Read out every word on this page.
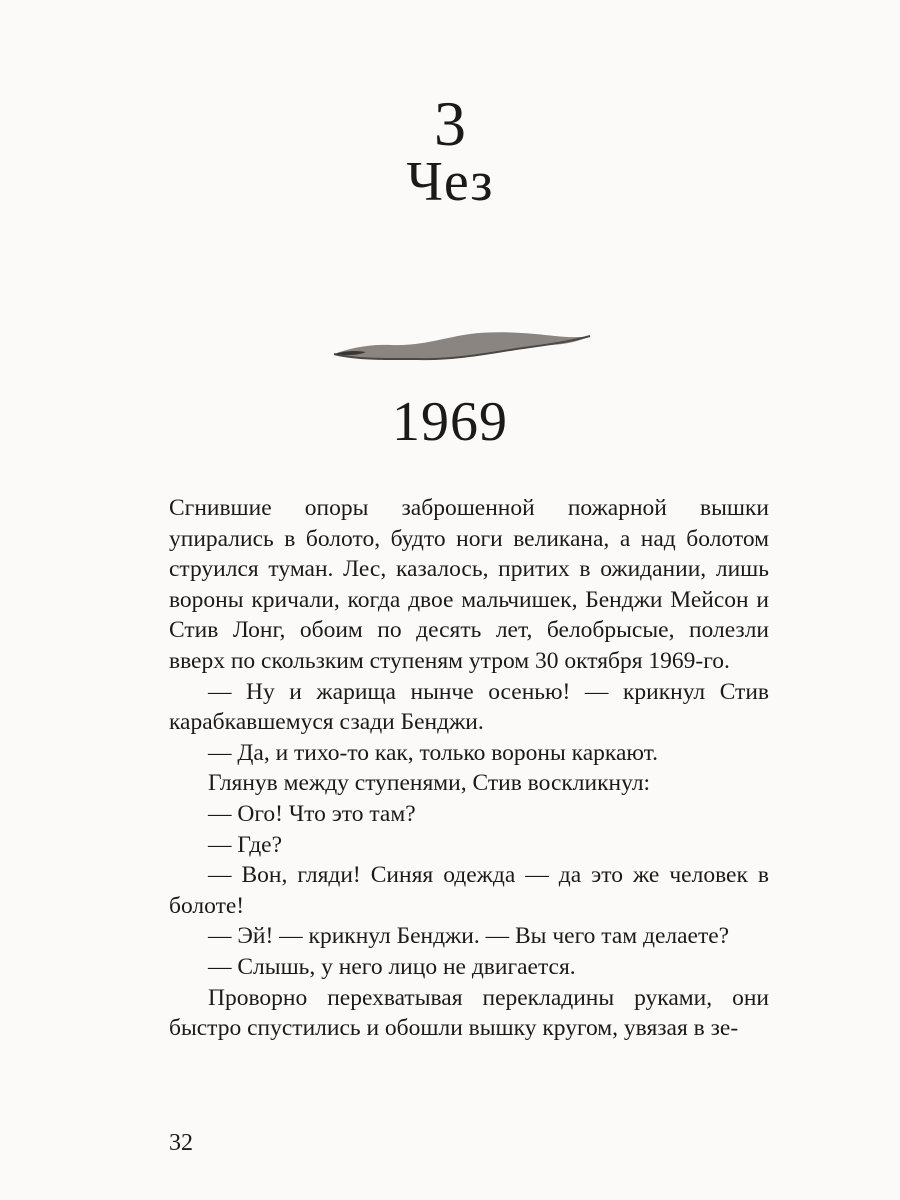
3
Чез
1969

Сгнившие опоры заброшенной пожарной вышки упирались в болото, будто ноги великана, а над болотом струился туман. Лес, казалось, притих в ожидании, лишь вороны кричали, когда двое мальчишек, Бенджи Мейсон и Стив Лонг, обоим по десять лет, белобрысые, полезли вверх по скользким ступеням утром 30 октября 1969-го.

— Ну и жарища нынче осенью! — крикнул Стив карабкавшемуся сзади Бенджи.

— Да, и тихо-то как, только вороны каркают.

Глянув между ступенями, Стив воскликнул:

— Ого! Что это там?

— Где?

— Вон, гляди! Синяя одежда — да это же человек в болоте!

— Эй! — крикнул Бенджи. — Вы чего там делаете?

— Слышь, у него лицо не двигается.

Проворно перехватывая перекладины руками, они быстро спустились и обошли вышку кругом, увязая в зе-

32
